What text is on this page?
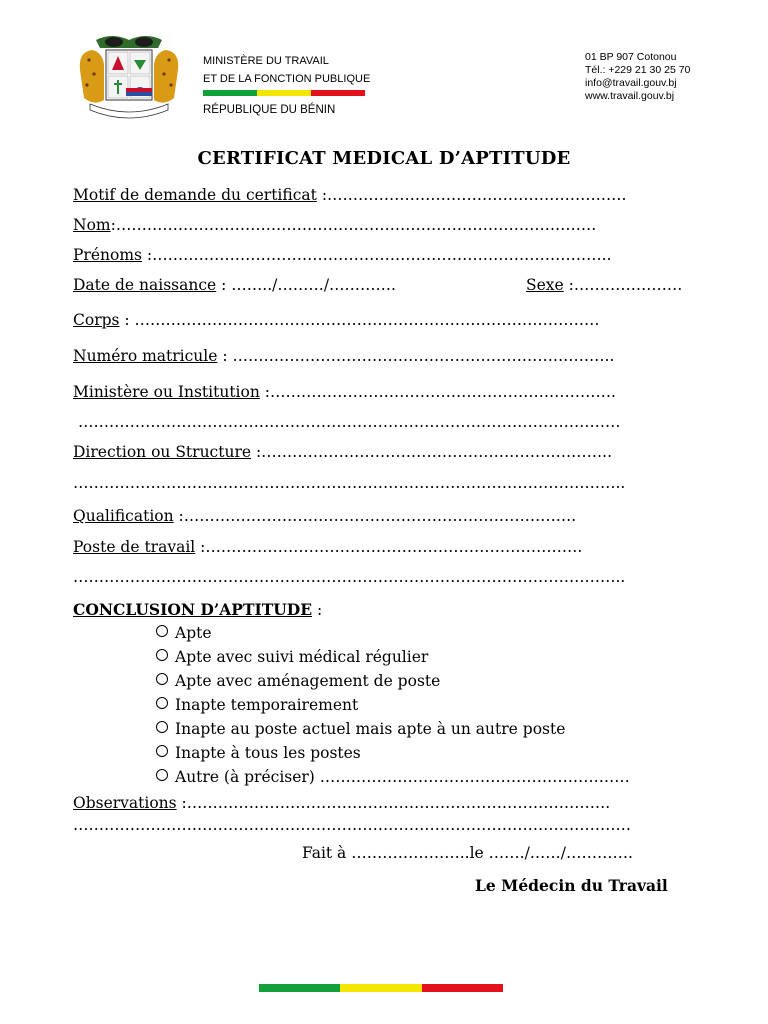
MINISTÈRE DU TRAVAIL
ET DE LA FONCTION PUBLIQUE
RÉPUBLIQUE DU BÉNIN
01 BP 907 Cotonou
Tél.: +229 21 30 25 70
info@travail.gouv.bj
www.travail.gouv.bj
CERTIFICAT MEDICAL D’APTITUDE
Motif de demande du certificat :………………………………………………….
Nom:…………………………………………………………………………………
Prénoms :……………………………………………………………………………..
Date de naissance : ……../………/………….	Sexe :…………………
Corps : ………………………………………………………………………………
Numéro matricule : ………………………………………………………………..
Ministère ou Institution :………………………………………………………….
……………………………………………………………………………………………
Direction ou Structure :…………………………………………………………..
……………………………………………………………………………………………..
Qualification :………………………………………………………………….
Poste de travail :……………………………………………………………….
……………………………………………………………………………………………..
CONCLUSION D’APTITUDE :
Apte
Apte avec suivi médical régulier
Apte avec aménagement de poste
Inapte temporairement
Inapte au poste actuel mais apte à un autre poste
Inapte à tous les postes
Autre (à préciser) ……………………………………………………
Observations :……………………………………………………………………….
………………………………………………………………………………………………
Fait à …………………..le ……./……/………….
Le Médecin du Travail
